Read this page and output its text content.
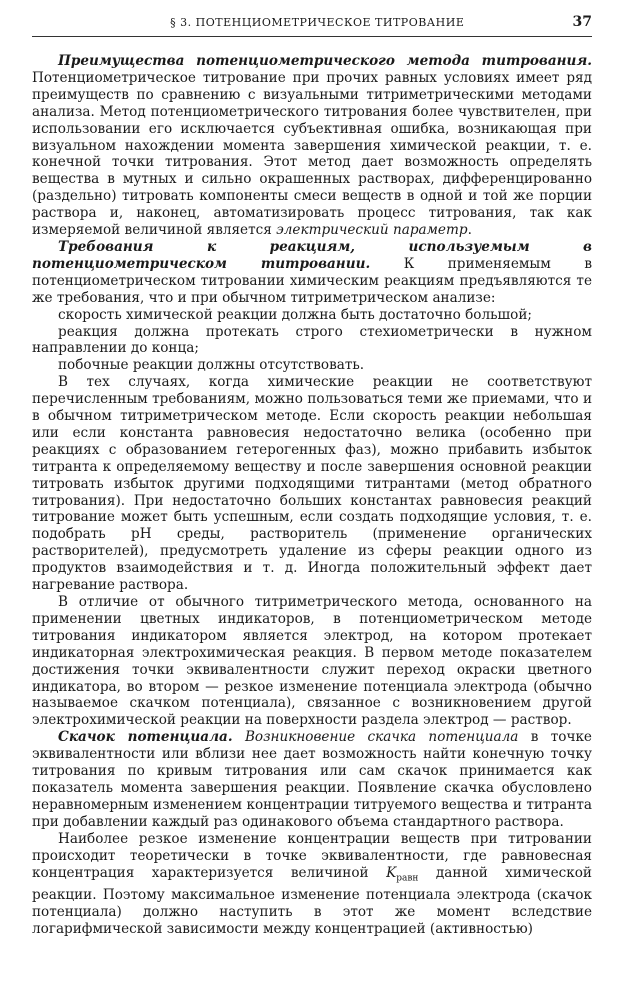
§ 3. ПОТЕНЦИОМЕТРИЧЕСКОЕ ТИТРОВАНИЕ	37

Преимущества потенциометрического метода титрования. Потенциометрическое титрование при прочих равных условиях имеет ряд преимуществ по сравнению с визуальными титриметрическими методами анализа. Метод потенциометрического титрования более чувствителен, при использовании его исключается субъективная ошибка, возникающая при визуальном нахождении момента завершения химической реакции, т. е. конечной точки титрования. Этот метод дает возможность определять вещества в мутных и сильно окрашенных растворах, дифференцированно (раздельно) титровать компоненты смеси веществ в одной и той же порции раствора и, наконец, автоматизировать процесс титрования, так как измеряемой величиной является электрический параметр.

Требования к реакциям, используемым в потенциометрическом титровании. К применяемым в потенциометрическом титровании химическим реакциям предъявляются те же требования, что и при обычном титриметрическом анализе:

скорость химической реакции должна быть достаточно большой;

реакция должна протекать строго стехиометрически в нужном направлении до конца;

побочные реакции должны отсутствовать.

В тех случаях, когда химические реакции не соответствуют перечисленным требованиям, можно пользоваться теми же приемами, что и в обычном титриметрическом методе. Если скорость реакции небольшая или если константа равновесия недостаточно велика (особенно при реакциях с образованием гетерогенных фаз), можно прибавить избыток титранта к определяемому веществу и после завершения основной реакции титровать избыток другими подходящими титрантами (метод обратного титрования). При недостаточно больших константах равновесия реакций титрование может быть успешным, если создать подходящие условия, т. е. подобрать pH среды, растворитель (применение органических растворителей), предусмотреть удаление из сферы реакции одного из продуктов взаимодействия и т. д. Иногда положительный эффект дает нагревание раствора.

В отличие от обычного титриметрического метода, основанного на применении цветных индикаторов, в потенциометрическом методе титрования индикатором является электрод, на котором протекает индикаторная электрохимическая реакция. В первом методе показателем достижения точки эквивалентности служит переход окраски цветного индикатора, во втором — резкое изменение потенциала электрода (обычно называемое скачком потенциала), связанное с возникновением другой электрохимической реакции на поверхности раздела электрод — раствор.

Скачок потенциала. Возникновение скачка потенциала в точке эквивалентности или вблизи нее дает возможность найти конечную точку титрования по кривым титрования или сам скачок принимается как показатель момента завершения реакции. Появление скачка обусловлено неравномерным изменением концентрации титруемого вещества и титранта при добавлении каждый раз одинакового объема стандартного раствора.

Наиболее резкое изменение концентрации веществ при титровании происходит теоретически в точке эквивалентности, где равновесная концентрация характеризуется величиной $K_{равн}$ данной химической реакции. Поэтому максимальное изменение потенциала электрода (скачок потенциала) должно наступить в этот же момент вследствие логарифмической зависимости между концентрацией (активностью)
